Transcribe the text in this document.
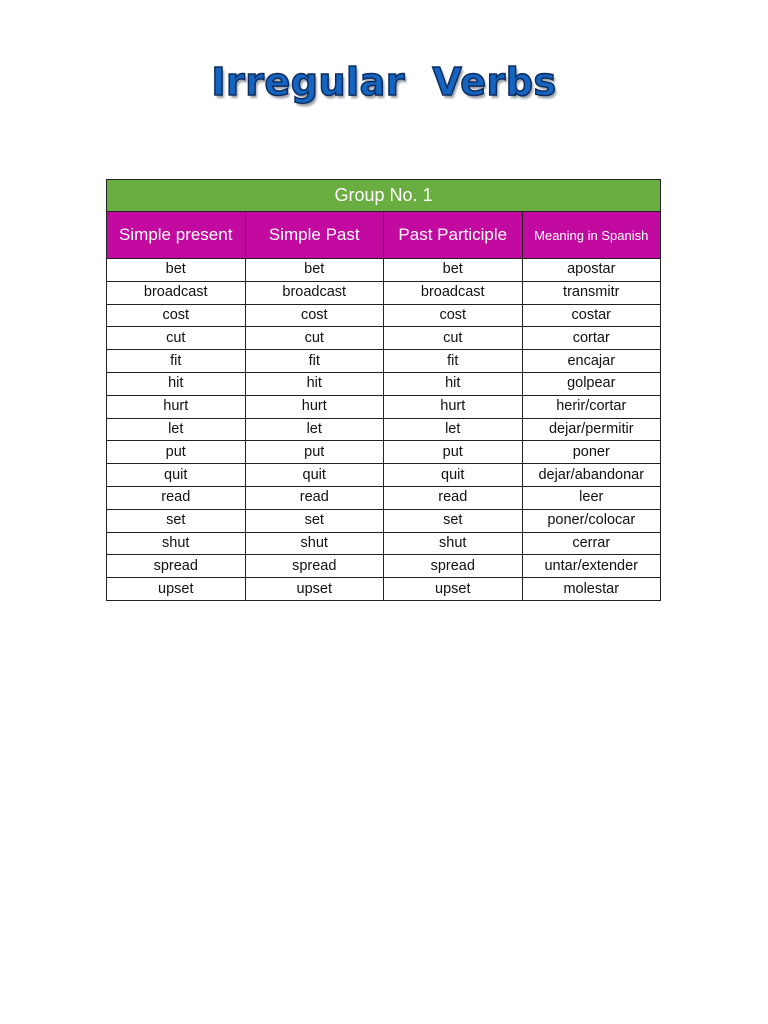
Irregular  Verbs
Group No. 1			
Simple present	Simple Past	Past Participle	Meaning in Spanish
bet	bet	bet	apostar
broadcast	broadcast	broadcast	transmitr
cost	cost	cost	costar
cut	cut	cut	cortar
fit	fit	fit	encajar
hit	hit	hit	golpear
hurt	hurt	hurt	herir/cortar
let	let	let	dejar/permitir
put	put	put	poner
quit	quit	quit	dejar/abandonar
read	read	read	leer
set	set	set	poner/colocar
shut	shut	shut	cerrar
spread	spread	spread	untar/extender
upset	upset	upset	molestar
